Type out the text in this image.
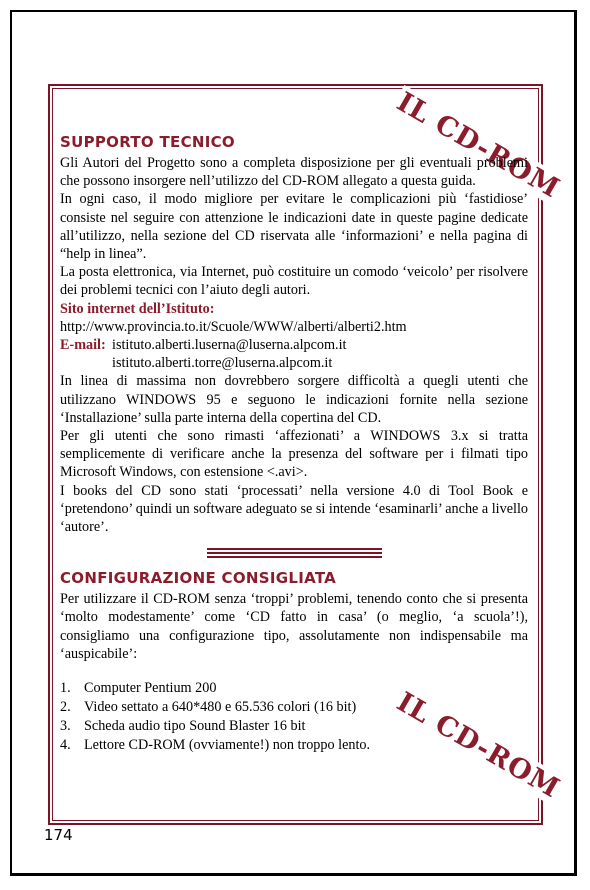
IL CD-ROM
IL CD-ROM
SUPPORTO TECNICO

Gli Autori del Progetto sono a completa disposizione per gli eventuali problemi che possono insorgere nell’utilizzo del CD-ROM allegato a questa guida.

In ogni caso, il modo migliore per evitare le complicazioni più ‘fastidiose’ consiste nel seguire con attenzione le indicazioni date in queste pagine dedicate all’utilizzo, nella sezione del CD riservata alle ‘informazioni’ e nella pagina di “help in linea”.

La posta elettronica, via Internet, può costituire un comodo ‘veicolo’ per risolvere dei problemi tecnici con l’aiuto degli autori.

Sito internet dell’Istituto:
http://www.provincia.to.it/Scuole/WWW/alberti/alberti2.htm
E-mail: istituto.alberti.luserna@luserna.alpcom.it
istituto.alberti.torre@luserna.alpcom.it

In linea di massima non dovrebbero sorgere difficoltà a quegli utenti che utilizzano WINDOWS 95 e seguono le indicazioni fornite nella sezione ‘Installazione’ sulla parte interna della copertina del CD.

Per gli utenti che sono rimasti ‘affezionati’ a WINDOWS 3.x si tratta semplicemente di verificare anche la presenza del software per i filmati tipo Microsoft Windows, con estensione <.avi>.

I books del CD sono stati ‘processati’ nella versione 4.0 di Tool Book e ‘pretendono’ quindi un software adeguato se si intende ‘esaminarli’ anche a livello ‘autore’.

CONFIGURAZIONE CONSIGLIATA

Per utilizzare il CD-ROM senza ‘troppi’ problemi, tenendo conto che si presenta ‘molto modestamente’ come ‘CD fatto in casa’ (o meglio, ‘a scuola’!), consigliamo una configurazione tipo, assolutamente non indispensabile ma ‘auspicabile’:

1. Computer Pentium 200
2. Video settato a 640*480 e 65.536 colori (16 bit)
3. Scheda audio tipo Sound Blaster 16 bit
4. Lettore CD-ROM (ovviamente!) non troppo lento.
174
